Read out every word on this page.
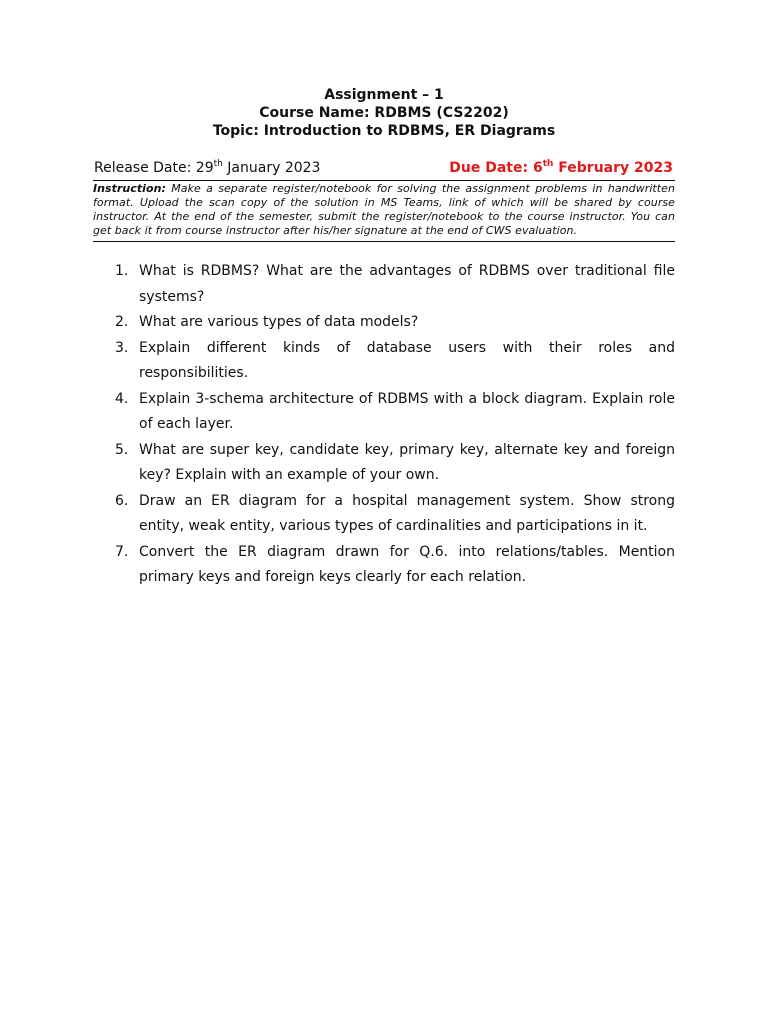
Assignment – 1
Course Name: RDBMS (CS2202)
Topic: Introduction to RDBMS, ER Diagrams
Release Date: 29th January 2023	Due Date: 6th February 2023
Instruction: Make a separate register/notebook for solving the assignment problems in handwritten format. Upload the scan copy of the solution in MS Teams, link of which will be shared by course instructor. At the end of the semester, submit the register/notebook to the course instructor. You can get back it from course instructor after his/her signature at the end of CWS evaluation.
1. What is RDBMS? What are the advantages of RDBMS over traditional file systems?
2. What are various types of data models?
3. Explain different kinds of database users with their roles and responsibilities.
4. Explain 3-schema architecture of RDBMS with a block diagram. Explain role of each layer.
5. What are super key, candidate key, primary key, alternate key and foreign key? Explain with an example of your own.
6. Draw an ER diagram for a hospital management system. Show strong entity, weak entity, various types of cardinalities and participations in it.
7. Convert the ER diagram drawn for Q.6. into relations/tables. Mention primary keys and foreign keys clearly for each relation.
